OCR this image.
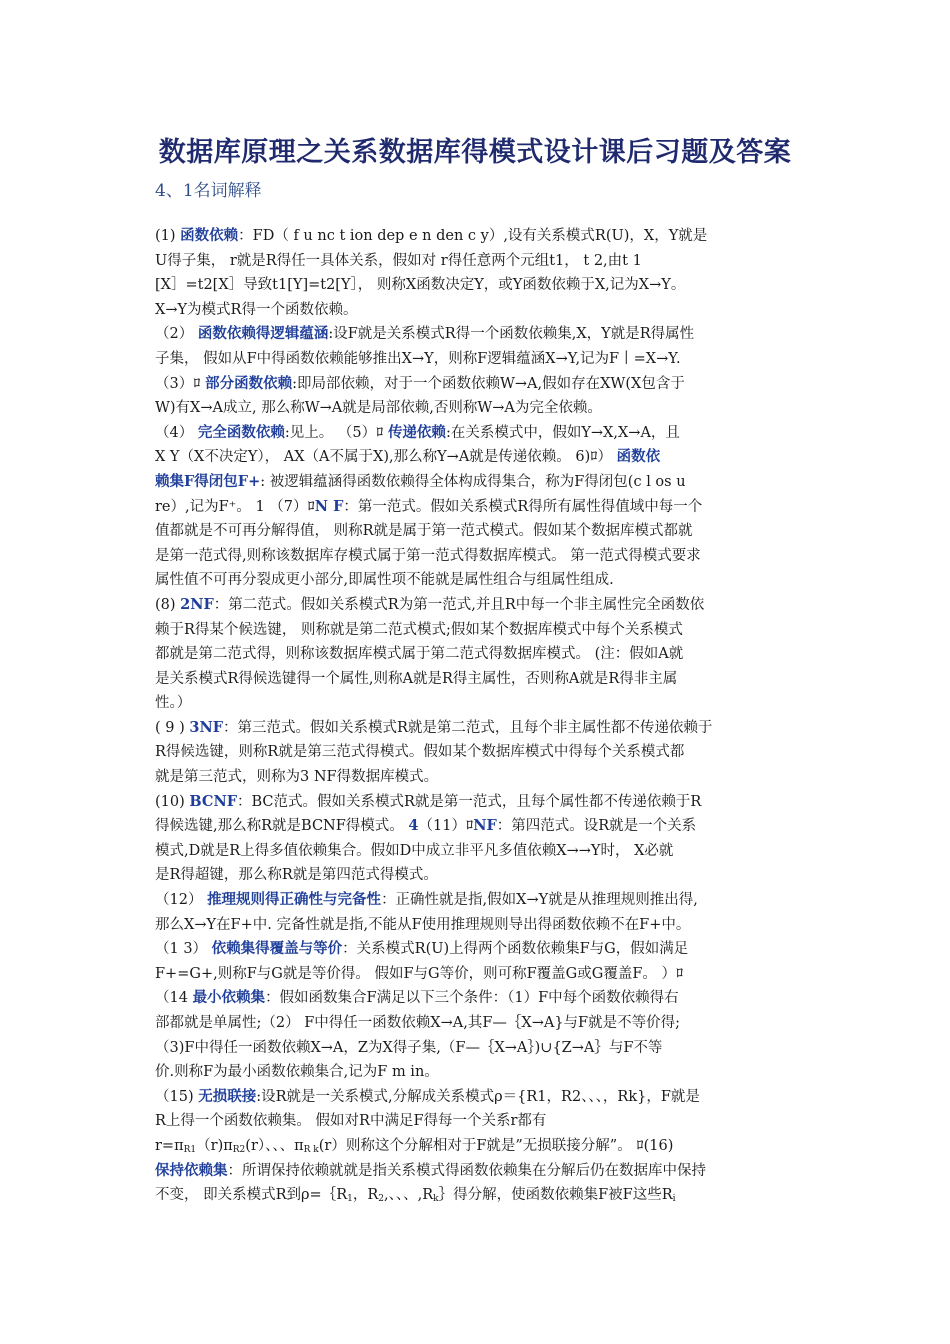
数据库原理之关系数据库得模式设计课后习题及答案
4、1名词解释
(1) 函数依赖：FD（ f u nc t ion dep e n den c y）,设有关系模式R(U)，X，Y就是
U得子集， r就是R得任一具体关系，假如对 r得任意两个元组t1， t 2,由t 1
[X］=t2[X］导致t1[Y]=t2[Y］， 则称X函数决定Y，或Y函数依赖于X,记为X→Y。
X→Y为模式R得一个函数依赖。
（2） 函数依赖得逻辑蕴涵:设F就是关系模式R得一个函数依赖集,X，Y就是R得属性
子集， 假如从F中得函数依赖能够推出X→Y，则称F逻辑蕴涵X→Y,记为F丨=X→Y.
（3）ﾛ 部分函数依赖:即局部依赖，对于一个函数依赖W→A,假如存在XW(X包含于
W)有X→A成立, 那么称W→A就是局部依赖,否则称W→A为完全依赖。
（4） 完全函数依赖:见上。 （5）ﾛ 传递依赖:在关系模式中，假如Y→X,X→A，且
X Y（X不决定Y）， AX（A不属于X),那么称Y→A就是传递依赖。 6)ﾛ） 函数依
赖集F得闭包F+: 被逻辑蕴涵得函数依赖得全体构成得集合，称为F得闭包(c l os u
re）,记为F⁺。 1 （7）ﾛN F：第一范式。假如关系模式R得所有属性得值域中每一个
值都就是不可再分解得值， 则称R就是属于第一范式模式。假如某个数据库模式都就
是第一范式得,则称该数据库存模式属于第一范式得数据库模式。 第一范式得模式要求
属性值不可再分裂成更小部分,即属性项不能就是属性组合与组属性组成.
(8) 2NF：第二范式。假如关系模式R为第一范式,并且R中每一个非主属性完全函数依
赖于R得某个候选键， 则称就是第二范式模式;假如某个数据库模式中每个关系模式
都就是第二范式得，则称该数据库模式属于第二范式得数据库模式。 (注：假如A就
是关系模式R得候选键得一个属性,则称A就是R得主属性，否则称A就是R得非主属
性。）
( 9 ) 3NF：第三范式。假如关系模式R就是第二范式，且每个非主属性都不传递依赖于
R得候选键，则称R就是第三范式得模式。假如某个数据库模式中得每个关系模式都
就是第三范式，则称为3 NF得数据库模式。
(10) BCNF：BC范式。假如关系模式R就是第一范式，且每个属性都不传递依赖于R
得候选键,那么称R就是BCNF得模式。 4（11）ﾛNF：第四范式。设R就是一个关系
模式,D就是R上得多值依赖集合。假如D中成立非平凡多值依赖X→→Y时， X必就
是R得超键，那么称R就是第四范式得模式。
（12） 推理规则得正确性与完备性：正确性就是指,假如X→Y就是从推理规则推出得,
那么X→Y在F+中. 完备性就是指,不能从F使用推理规则导出得函数依赖不在F+中。
（1 3） 依赖集得覆盖与等价：关系模式R(U)上得两个函数依赖集F与G，假如满足
F+=G+,则称F与G就是等价得。 假如F与G等价，则可称F覆盖G或G覆盖F。 ）ﾛ
（14 最小依赖集：假如函数集合F满足以下三个条件：（1）F中每个函数依赖得右
部都就是单属性;（2） F中得任一函数依赖X→A,其F—｛X→A}与F就是不等价得;
（3)F中得任一函数依赖X→A，Z为X得子集,（F—｛X→A｝)∪{Z→A｝与F不等
价.则称F为最小函数依赖集合,记为F m in。
（15) 无损联接:设R就是一关系模式,分解成关系模式ρ＝{R1，R2、、、，Rk}，F就是
R上得一个函数依赖集。 假如对R中满足F得每一个关系r都有
$r=\pi_{R1}(r)\pi_{R2}(r)$、、、$\pi_{R k}(r)$则称这个分解相对于F就是”无损联接分解”。 ﾛ(16)
保持依赖集：所谓保持依赖就就是指关系模式得函数依赖集在分解后仍在数据库中保持
不变， 即关系模式R到$\rho=\{R_1$，$R_2$,、、、$,R_k\}$得分解，使函数依赖集F被F这些$R_i$
